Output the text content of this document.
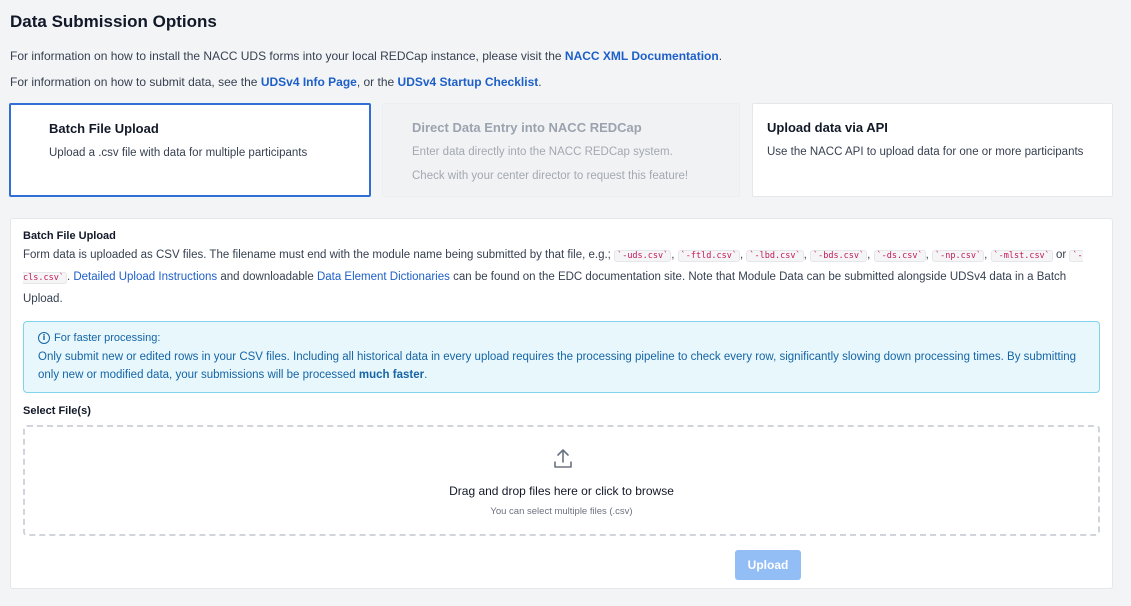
Data Submission Options
For information on how to install the NACC UDS forms into your local REDCap instance, please visit the NACC XML Documentation.
For information on how to submit data, see the UDSv4 Info Page, or the UDSv4 Startup Checklist.
Batch File Upload
Upload a .csv file with data for multiple participants
Direct Data Entry into NACC REDCap
Enter data directly into the NACC REDCap system.
Check with your center director to request this feature!
Upload data via API
Use the NACC API to upload data for one or more participants
Batch File Upload
Form data is uploaded as CSV files. The filename must end with the module name being submitted by that file, e.g.; `-uds.csv` , `-ftld.csv` , `-lbd.csv` , `-bds.csv` , `-ds.csv` , `-np.csv` , `-mlst.csv` or `-cls.csv` . Detailed Upload Instructions and downloadable Data Element Dictionaries can be found on the EDC documentation site. Note that Module Data can be submitted alongside UDSv4 data in a Batch Upload.
i For faster processing:
Only submit new or edited rows in your CSV files. Including all historical data in every upload requires the processing pipeline to check every row, significantly slowing down processing times. By submitting only new or modified data, your submissions will be processed much faster.
Select File(s)
Drag and drop files here or click to browse
You can select multiple files (.csv)
Upload
